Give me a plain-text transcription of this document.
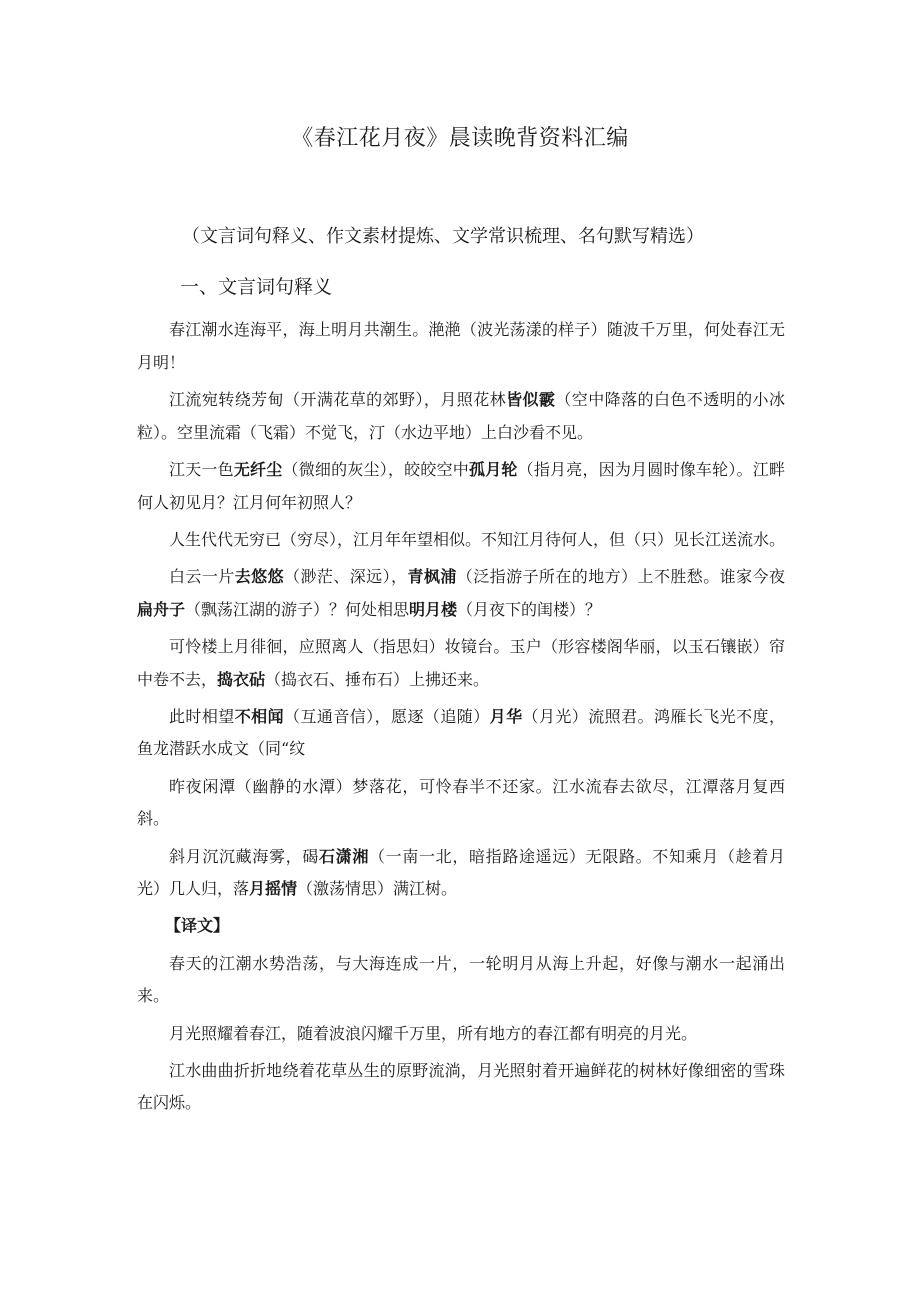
《春江花月夜》晨读晚背资料汇编
（文言词句释义、作文素材提炼、文学常识梳理、名句默写精选）
一、文言词句释义

春江潮水连海平，海上明月共潮生。滟滟（波光荡漾的样子）随波千万里，何处春江无月明！

江流宛转绕芳甸（开满花草的郊野），月照花林皆似霰（空中降落的白色不透明的小冰粒）。空里流霜（飞霜）不觉飞，汀（水边平地）上白沙看不见。

江天一色无纤尘（微细的灰尘），皎皎空中孤月轮（指月亮，因为月圆时像车轮）。江畔何人初见月？江月何年初照人？

人生代代无穷已（穷尽），江月年年望相似。不知江月待何人，但（只）见长江送流水。

白云一片去悠悠（渺茫、深远），青枫浦（泛指游子所在的地方）上不胜愁。谁家今夜扁舟子（飘荡江湖的游子）？何处相思明月楼（月夜下的闺楼）？

可怜楼上月徘徊，应照离人（指思妇）妆镜台。玉户（形容楼阁华丽，以玉石镶嵌）帘中卷不去，捣衣砧（捣衣石、捶布石）上拂还来。

此时相望不相闻（互通音信），愿逐（追随）月华（月光）流照君。鸿雁长飞光不度，鱼龙潜跃水成文（同“纹

昨夜闲潭（幽静的水潭）梦落花，可怜春半不还家。江水流春去欲尽，江潭落月复西斜。

斜月沉沉藏海雾，碣石潇湘（一南一北，暗指路途遥远）无限路。不知乘月（趁着月光）几人归，落月摇情（激荡情思）满江树。

【译文】

春天的江潮水势浩荡，与大海连成一片，一轮明月从海上升起，好像与潮水一起涌出来。

月光照耀着春江，随着波浪闪耀千万里，所有地方的春江都有明亮的月光。

江水曲曲折折地绕着花草丛生的原野流淌，月光照射着开遍鲜花的树林好像细密的雪珠在闪烁。
